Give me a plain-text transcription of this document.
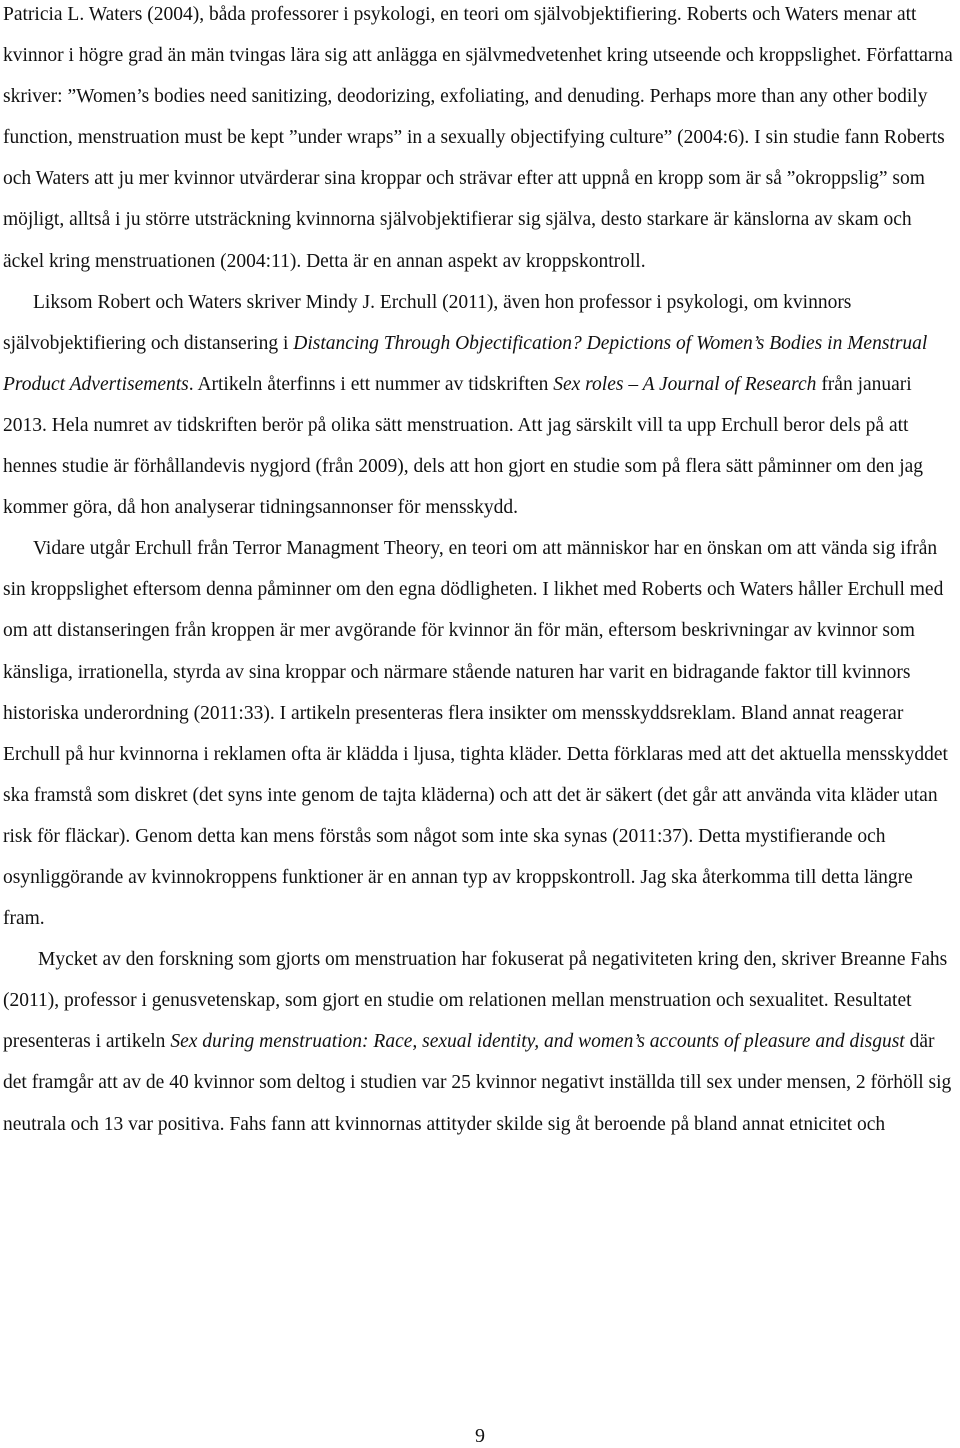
Patricia L. Waters (2004), båda professorer i psykologi, en teori om självobjektifiering. Roberts och Waters menar att kvinnor i högre grad än män tvingas lära sig att anlägga en självmedvetenhet kring utseende och kroppslighet. Författarna skriver: ”Women’s bodies need sanitizing, deodorizing, exfoliating, and denuding. Perhaps more than any other bodily function, menstruation must be kept ”under wraps” in a sexually objectifying culture” (2004:6). I sin studie fann Roberts och Waters att ju mer kvinnor utvärderar sina kroppar och strävar efter att uppnå en kropp som är så ”okroppslig” som möjligt, alltså i ju större utsträckning kvinnorna självobjektifierar sig själva, desto starkare är känslorna av skam och äckel kring menstruationen (2004:11). Detta är en annan aspekt av kroppskontroll.

Liksom Robert och Waters skriver Mindy J. Erchull (2011), även hon professor i psykologi, om kvinnors självobjektifiering och distansering i Distancing Through Objectification? Depictions of Women’s Bodies in Menstrual Product Advertisements. Artikeln återfinns i ett nummer av tidskriften Sex roles – A Journal of Research från januari 2013. Hela numret av tidskriften berör på olika sätt menstruation. Att jag särskilt vill ta upp Erchull beror dels på att hennes studie är förhållandevis nygjord (från 2009), dels att hon gjort en studie som på flera sätt påminner om den jag kommer göra, då hon analyserar tidningsannonser för mensskydd.

Vidare utgår Erchull från Terror Managment Theory, en teori om att människor har en önskan om att vända sig ifrån sin kroppslighet eftersom denna påminner om den egna dödligheten. I likhet med Roberts och Waters håller Erchull med om att distanseringen från kroppen är mer avgörande för kvinnor än för män, eftersom beskrivningar av kvinnor som känsliga, irrationella, styrda av sina kroppar och närmare stående naturen har varit en bidragande faktor till kvinnors historiska underordning (2011:33). I artikeln presenteras flera insikter om mensskyddsreklam. Bland annat reagerar Erchull på hur kvinnorna i reklamen ofta är klädda i ljusa, tighta kläder. Detta förklaras med att det aktuella mensskyddet ska framstå som diskret (det syns inte genom de tajta kläderna) och att det är säkert (det går att använda vita kläder utan risk för fläckar). Genom detta kan mens förstås som något som inte ska synas (2011:37). Detta mystifierande och osynliggörande av kvinnokroppens funktioner är en annan typ av kroppskontroll. Jag ska återkomma till detta längre fram.

Mycket av den forskning som gjorts om menstruation har fokuserat på negativiteten kring den, skriver Breanne Fahs (2011), professor i genusvetenskap, som gjort en studie om relationen mellan menstruation och sexualitet. Resultatet presenteras i artikeln Sex during menstruation: Race, sexual identity, and women’s accounts of pleasure and disgust där det framgår att av de 40 kvinnor som deltog i studien var 25 kvinnor negativt inställda till sex under mensen, 2 förhöll sig neutrala och 13 var positiva. Fahs fann att kvinnornas attityder skilde sig åt beroende på bland annat etnicitet och

9
